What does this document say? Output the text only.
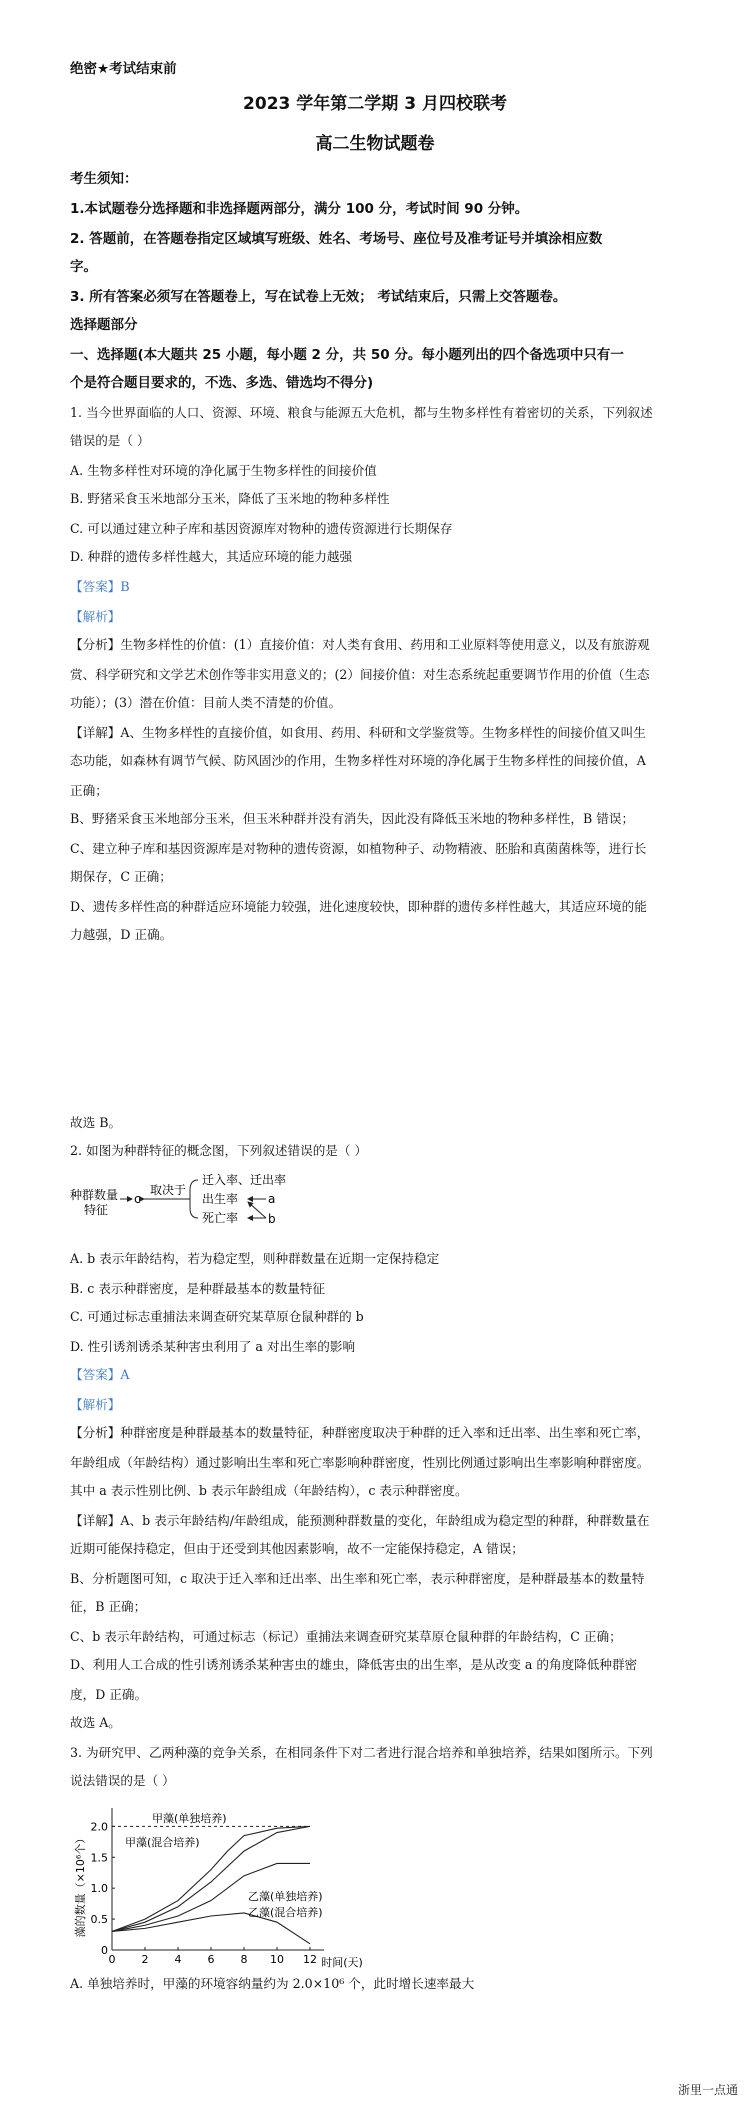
绝密★考试结束前
2023 学年第二学期 3 月四校联考
高二生物试题卷
考生须知：
1.本试题卷分选择题和非选择题两部分，满分 100 分，考试时间 90 分钟。
2. 答题前，在答题卷指定区域填写班级、姓名、考场号、座位号及准考证号并填涂相应数
字。
3. 所有答案必须写在答题卷上，写在试卷上无效； 考试结束后，只需上交答题卷。
选择题部分
一、选择题(本大题共 25 小题，每小题 2 分，共 50 分。每小题列出的四个备选项中只有一
个是符合题目要求的，不选、多选、错选均不得分)
1. 当今世界面临的人口、资源、环境、粮食与能源五大危机，都与生物多样性有着密切的关系，下列叙述
错误的是（ ）
A. 生物多样性对环境的净化属于生物多样性的间接价值
B. 野猪采食玉米地部分玉米，降低了玉米地的物种多样性
C. 可以通过建立种子库和基因资源库对物种的遗传资源进行长期保存
D. 种群的遗传多样性越大，其适应环境的能力越强
【答案】B
【解析】
【分析】生物多样性的价值：(1）直接价值：对人类有食用、药用和工业原料等使用意义，以及有旅游观
赏、科学研究和文学艺术创作等非实用意义的；(2）间接价值：对生态系统起重要调节作用的价值（生态
功能）；(3）潜在价值：目前人类不清楚的价值。
【详解】A、生物多样性的直接价值，如食用、药用、科研和文学鉴赏等。生物多样性的间接价值又叫生
态功能，如森林有调节气候、防风固沙的作用，生物多样性对环境的净化属于生物多样性的间接价值，A
正确；
B、野猪采食玉米地部分玉米，但玉米种群并没有消失，因此没有降低玉米地的物种多样性，B 错误；
C、建立种子库和基因资源库是对物种的遗传资源，如植物种子、动物精液、胚胎和真菌菌株等，进行长
期保存，C 正确；
D、遗传多样性高的种群适应环境能力较强，进化速度较快，即种群的遗传多样性越大，其适应环境的能
力越强，D 正确。
故选 B。
2. 如图为种群特征的概念图，下列叙述错误的是（ ）
种群数量
特征
c
取决于
迁入率、迁出率
出生率
死亡率
a
b
A. b 表示年龄结构，若为稳定型，则种群数量在近期一定保持稳定
B. c 表示种群密度，是种群最基本的数量特征
C. 可通过标志重捕法来调查研究某草原仓鼠种群的 b
D. 性引诱剂诱杀某种害虫利用了 a 对出生率的影响
【答案】A
【解析】
【分析】种群密度是种群最基本的数量特征，种群密度取决于种群的迁入率和迁出率、出生率和死亡率，
年龄组成（年龄结构）通过影响出生率和死亡率影响种群密度，性别比例通过影响出生率影响种群密度。
其中 a 表示性别比例、b 表示年龄组成（年龄结构），c 表示种群密度。
【详解】A、b 表示年龄结构/年龄组成，能预测种群数量的变化，年龄组成为稳定型的种群，种群数量在
近期可能保持稳定，但由于还受到其他因素影响，故不一定能保持稳定，A 错误；
B、分析题图可知，c 取决于迁入率和迁出率、出生率和死亡率，表示种群密度，是种群最基本的数量特
征，B 正确；
C、b 表示年龄结构，可通过标志（标记）重捕法来调查研究某草原仓鼠种群的年龄结构，C 正确；
D、利用人工合成的性引诱剂诱杀某种害虫的雄虫，降低害虫的出生率，是从改变 a 的角度降低种群密
度，D 正确。
故选 A。
3. 为研究甲、乙两种藻的竞争关系，在相同条件下对二者进行混合培养和单独培养，结果如图所示。下列
说法错误的是（ ）
藻的数量（×10⁶个）
时间(天)
0 2 4 6 8 10 12
0
0.5
1.0
1.5
2.0
甲藻(单独培养)
甲藻(混合培养)
乙藻(单独培养)
乙藻(混合培养)
A. 单独培养时，甲藻的环境容纳量约为 2.0×10⁶ 个，此时增长速率最大
浙里一点通
